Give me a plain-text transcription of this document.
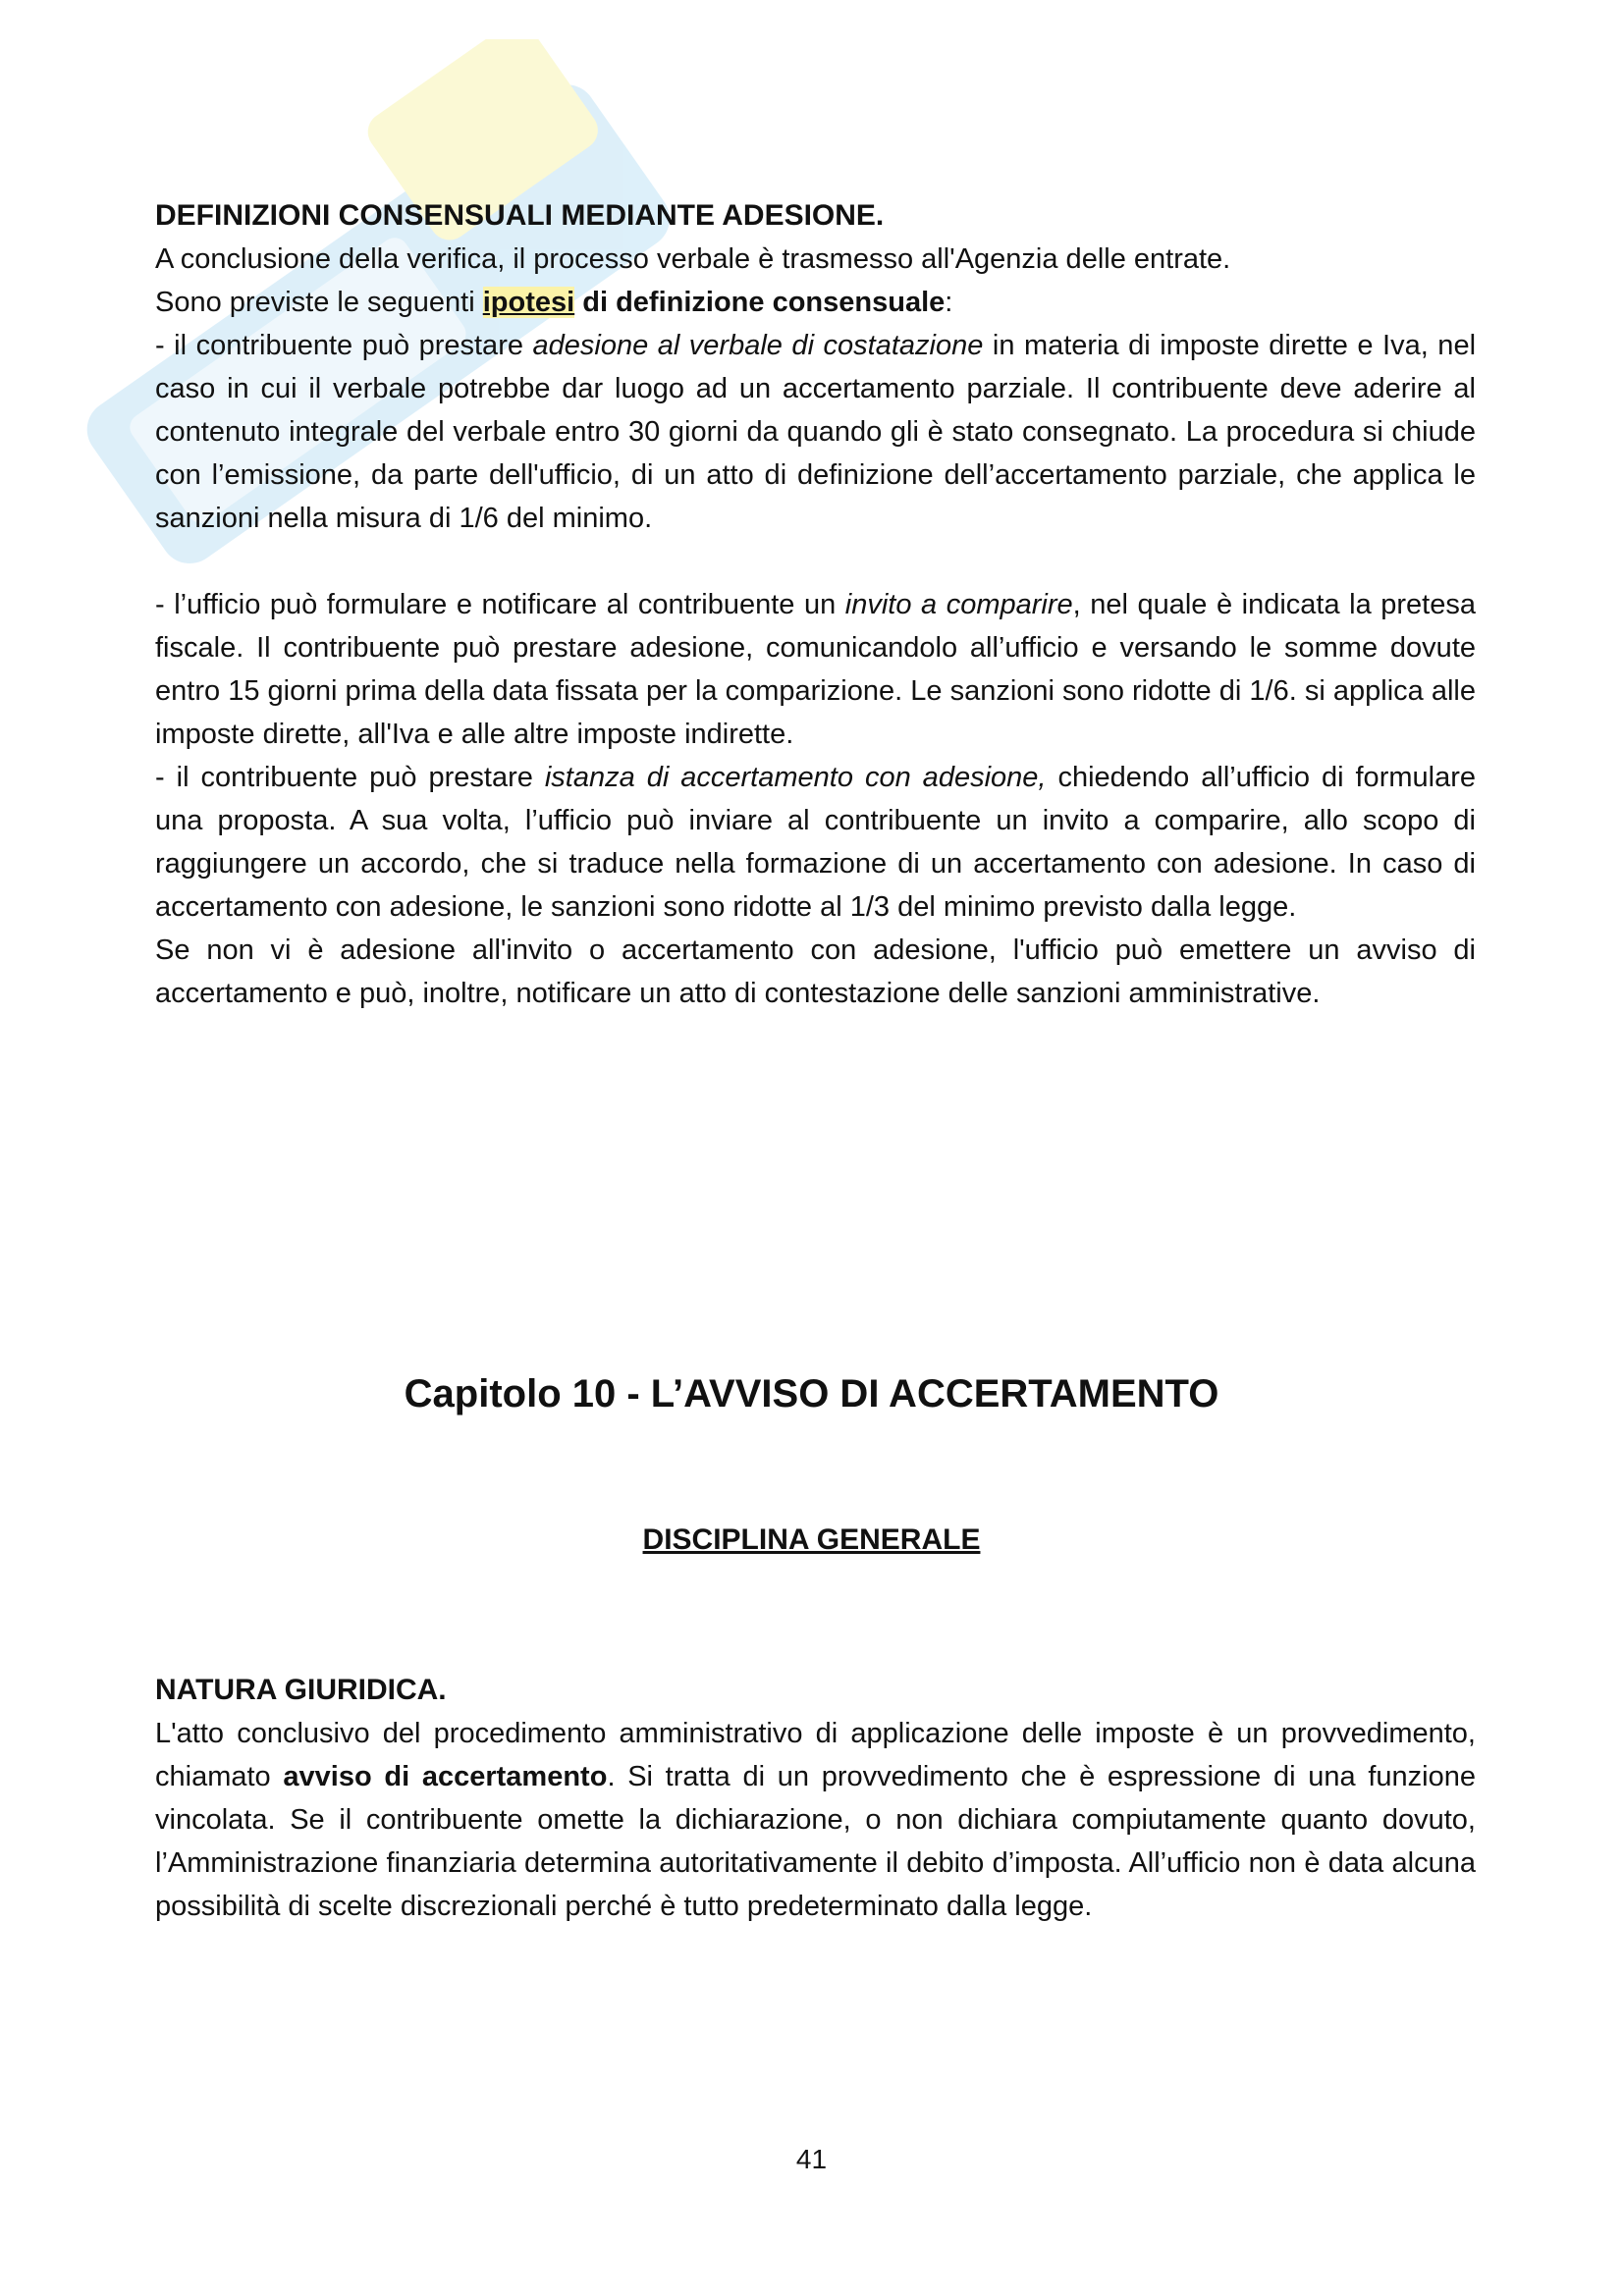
DEFINIZIONI CONSENSUALI MEDIANTE ADESIONE.

A conclusione della verifica, il processo verbale è trasmesso all'Agenzia delle entrate.

Sono previste le seguenti ipotesi di definizione consensuale:

- il contribuente può prestare adesione al verbale di costatazione in materia di imposte dirette e Iva, nel caso in cui il verbale potrebbe dar luogo ad un accertamento parziale. Il contribuente deve aderire al contenuto integrale del verbale entro 30 giorni da quando gli è stato consegnato. La procedura si chiude con l’emissione, da parte dell'ufficio, di un atto di definizione dell’accertamento parziale, che applica le sanzioni nella misura di 1/6 del minimo.

- l’ufficio può formulare e notificare al contribuente un invito a comparire, nel quale è indicata la pretesa fiscale. Il contribuente può prestare adesione, comunicandolo all’ufficio e versando le somme dovute entro 15 giorni prima della data fissata per la comparizione. Le sanzioni sono ridotte di 1/6. si applica alle imposte dirette, all'Iva e alle altre imposte indirette.

- il contribuente può prestare istanza di accertamento con adesione, chiedendo all’ufficio di formulare una proposta. A sua volta, l’ufficio può inviare al contribuente un invito a comparire, allo scopo di raggiungere un accordo, che si traduce nella formazione di un accertamento con adesione. In caso di accertamento con adesione, le sanzioni sono ridotte al 1/3 del minimo previsto dalla legge.

Se non vi è adesione all'invito o accertamento con adesione, l'ufficio può emettere un avviso di accertamento e può, inoltre, notificare un atto di contestazione delle sanzioni amministrative.

Capitolo 10 - L’AVVISO DI ACCERTAMENTO
DISCIPLINA GENERALE

NATURA GIURIDICA.

L'atto conclusivo del procedimento amministrativo di applicazione delle imposte è un provvedimento, chiamato avviso di accertamento. Si tratta di un provvedimento che è espressione di una funzione vincolata. Se il contribuente omette la dichiarazione, o non dichiara compiutamente quanto dovuto, l’Amministrazione finanziaria determina autoritativamente il debito d’imposta. All’ufficio non è data alcuna possibilità di scelte discrezionali perché è tutto predeterminato dalla legge.

41
